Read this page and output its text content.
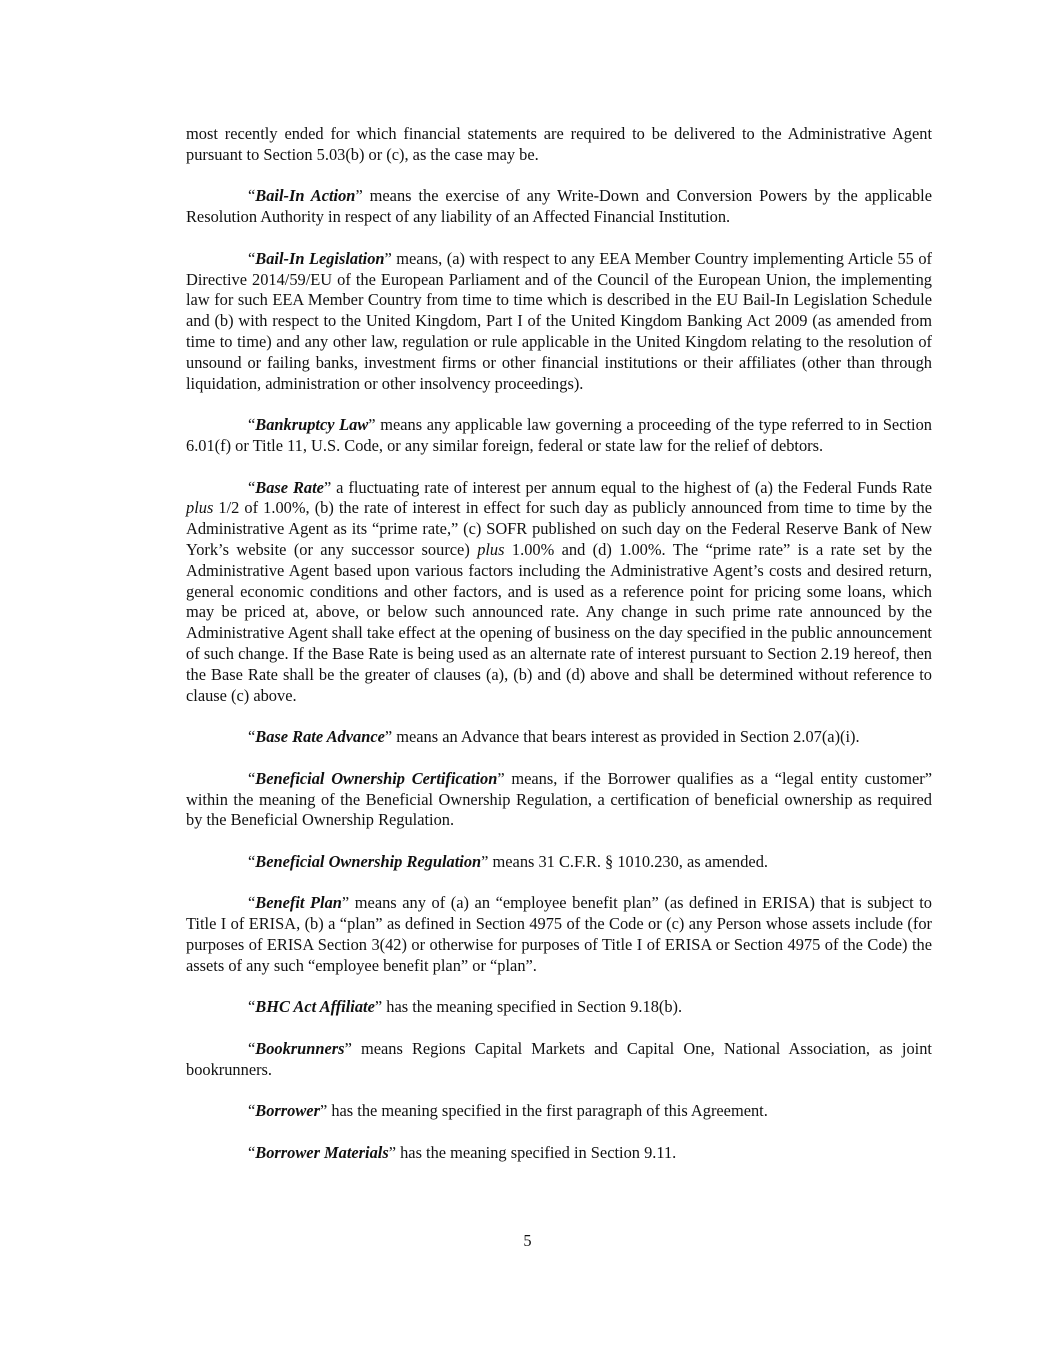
most recently ended for which financial statements are required to be delivered to the Administrative Agent pursuant to Section 5.03(b) or (c), as the case may be.

“Bail-In Action” means the exercise of any Write-Down and Conversion Powers by the applicable Resolution Authority in respect of any liability of an Affected Financial Institution.

“Bail-In Legislation” means, (a) with respect to any EEA Member Country implementing Article 55 of Directive 2014/59/EU of the European Parliament and of the Council of the European Union, the implementing law for such EEA Member Country from time to time which is described in the EU Bail-In Legislation Schedule and (b) with respect to the United Kingdom, Part I of the United Kingdom Banking Act 2009 (as amended from time to time) and any other law, regulation or rule applicable in the United Kingdom relating to the resolution of unsound or failing banks, investment firms or other financial institutions or their affiliates (other than through liquidation, administration or other insolvency proceedings).

“Bankruptcy Law” means any applicable law governing a proceeding of the type referred to in Section 6.01(f) or Title 11, U.S. Code, or any similar foreign, federal or state law for the relief of debtors.

“Base Rate” a fluctuating rate of interest per annum equal to the highest of (a) the Federal Funds Rate plus 1/2 of 1.00%, (b) the rate of interest in effect for such day as publicly announced from time to time by the Administrative Agent as its “prime rate,” (c) SOFR published on such day on the Federal Reserve Bank of New York’s website (or any successor source) plus 1.00% and (d) 1.00%. The “prime rate” is a rate set by the Administrative Agent based upon various factors including the Administrative Agent’s costs and desired return, general economic conditions and other factors, and is used as a reference point for pricing some loans, which may be priced at, above, or below such announced rate. Any change in such prime rate announced by the Administrative Agent shall take effect at the opening of business on the day specified in the public announcement of such change. If the Base Rate is being used as an alternate rate of interest pursuant to Section 2.19 hereof, then the Base Rate shall be the greater of clauses (a), (b) and (d) above and shall be determined without reference to clause (c) above.

“Base Rate Advance” means an Advance that bears interest as provided in Section 2.07(a)(i).

“Beneficial Ownership Certification” means, if the Borrower qualifies as a “legal entity customer” within the meaning of the Beneficial Ownership Regulation, a certification of beneficial ownership as required by the Beneficial Ownership Regulation.

“Beneficial Ownership Regulation” means 31 C.F.R. § 1010.230, as amended.

“Benefit Plan” means any of (a) an “employee benefit plan” (as defined in ERISA) that is subject to Title I of ERISA, (b) a “plan” as defined in Section 4975 of the Code or (c) any Person whose assets include (for purposes of ERISA Section 3(42) or otherwise for purposes of Title I of ERISA or Section 4975 of the Code) the assets of any such “employee benefit plan” or “plan”.

“BHC Act Affiliate” has the meaning specified in Section 9.18(b).

“Bookrunners” means Regions Capital Markets and Capital One, National Association, as joint bookrunners.

“Borrower” has the meaning specified in the first paragraph of this Agreement.

“Borrower Materials” has the meaning specified in Section 9.11.

5
